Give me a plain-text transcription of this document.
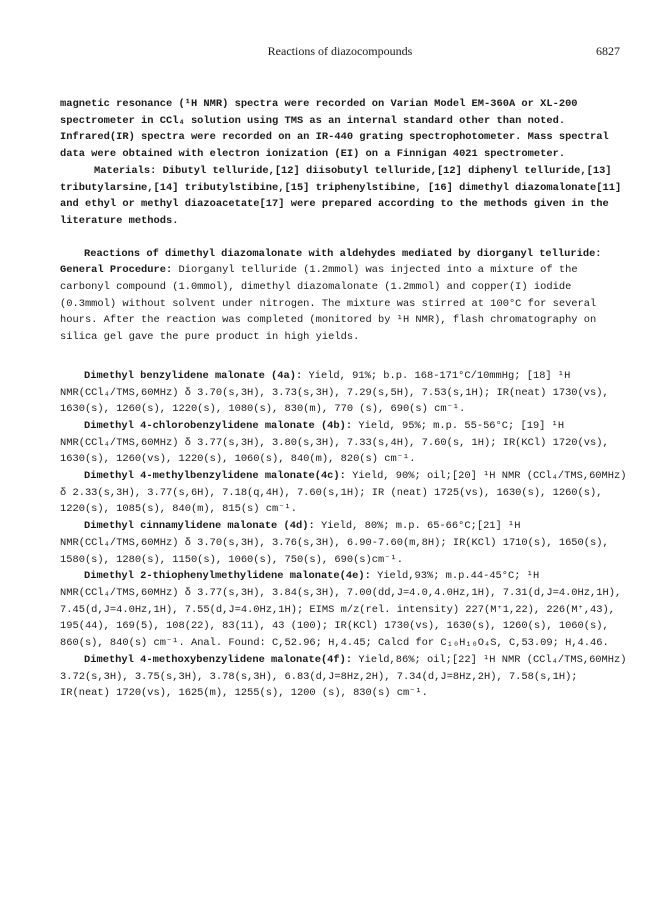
Reactions of diazocompounds	6827

magnetic resonance (¹H NMR) spectra were recorded on Varian Model EM-360A or XL-200 spectrometer in CCl₄ solution using TMS as an internal standard other than noted. Infrared(IR) spectra were recorded on an IR-440 grating spectrophotometer. Mass spectral data were obtained with electron ionization (EI) on a Finnigan 4021 spectrometer.

Materials: Dibutyl telluride,[12] diisobutyl telluride,[12] diphenyl telluride,[13] tributylarsine,[14] tributylstibine,[15] triphenylstibine, [16] dimethyl diazomalonate[11] and ethyl or methyl diazoacetate[17] were prepared according to the methods given in the literature methods.

Reactions of dimethyl diazomalonate with aldehydes mediated by diorganyl telluride: General Procedure: Diorganyl telluride (1.2mmol) was injected into a mixture of the carbonyl compound (1.0mmol), dimethyl diazomalonate (1.2mmol) and copper(I) iodide (0.3mmol) without solvent under nitrogen. The mixture was stirred at 100°C for several hours. After the reaction was completed (monitored by ¹H NMR), flash chromatography on silica gel gave the pure product in high yields.

Dimethyl benzylidene malonate (4a): Yield, 91%; b.p. 168-171°C/10mmHg; [18] ¹H NMR(CCl₄/TMS,60MHz) δ 3.70(s,3H), 3.73(s,3H), 7.29(s,5H), 7.53(s,1H); IR(neat) 1730(vs), 1630(s), 1260(s), 1220(s), 1080(s), 830(m), 770 (s), 690(s) cm⁻¹.

Dimethyl 4-chlorobenzylidene malonate (4b): Yield, 95%; m.p. 55-56°C; [19] ¹H NMR(CCl₄/TMS,60MHz) δ 3.77(s,3H), 3.80(s,3H), 7.33(s,4H), 7.60(s, 1H); IR(KCl) 1720(vs), 1630(s), 1260(vs), 1220(s), 1060(s), 840(m), 820(s) cm⁻¹.

Dimethyl 4-methylbenzylidene malonate(4c): Yield, 90%; oil;[20] ¹H NMR (CCl₄/TMS,60MHz) δ 2.33(s,3H), 3.77(s,6H), 7.18(q,4H), 7.60(s,1H); IR (neat) 1725(vs), 1630(s), 1260(s), 1220(s), 1085(s), 840(m), 815(s) cm⁻¹.

Dimethyl cinnamylidene malonate (4d): Yield, 80%; m.p. 65-66°C;[21] ¹H NMR(CCl₄/TMS,60MHz) δ 3.70(s,3H), 3.76(s,3H), 6.90-7.60(m,8H); IR(KCl) 1710(s), 1650(s), 1580(s), 1280(s), 1150(s), 1060(s), 750(s), 690(s)cm⁻¹.

Dimethyl 2-thiophenylmethylidene malonate(4e): Yield,93%; m.p.44-45°C; ¹H NMR(CCl₄/TMS,60MHz) δ 3.77(s,3H), 3.84(s,3H), 7.00(dd,J=4.0,4.0Hz,1H), 7.31(d,J=4.0Hz,1H), 7.45(d,J=4.0Hz,1H), 7.55(d,J=4.0Hz,1H); EIMS m/z(rel. intensity) 227(M⁺1,22), 226(M⁺,43), 195(44), 169(5), 108(22), 83(11), 43 (100); IR(KCl) 1730(vs), 1630(s), 1260(s), 1060(s), 860(s), 840(s) cm⁻¹. Anal. Found: C,52.96; H,4.45; Calcd for C₁₀H₁₀O₄S, C,53.09; H,4.46.

Dimethyl 4-methoxybenzylidene malonate(4f): Yield,86%; oil;[22] ¹H NMR (CCl₄/TMS,60MHz) 3.72(s,3H), 3.75(s,3H), 3.78(s,3H), 6.83(d,J=8Hz,2H), 7.34(d,J=8Hz,2H), 7.58(s,1H); IR(neat) 1720(vs), 1625(m), 1255(s), 1200 (s), 830(s) cm⁻¹.
